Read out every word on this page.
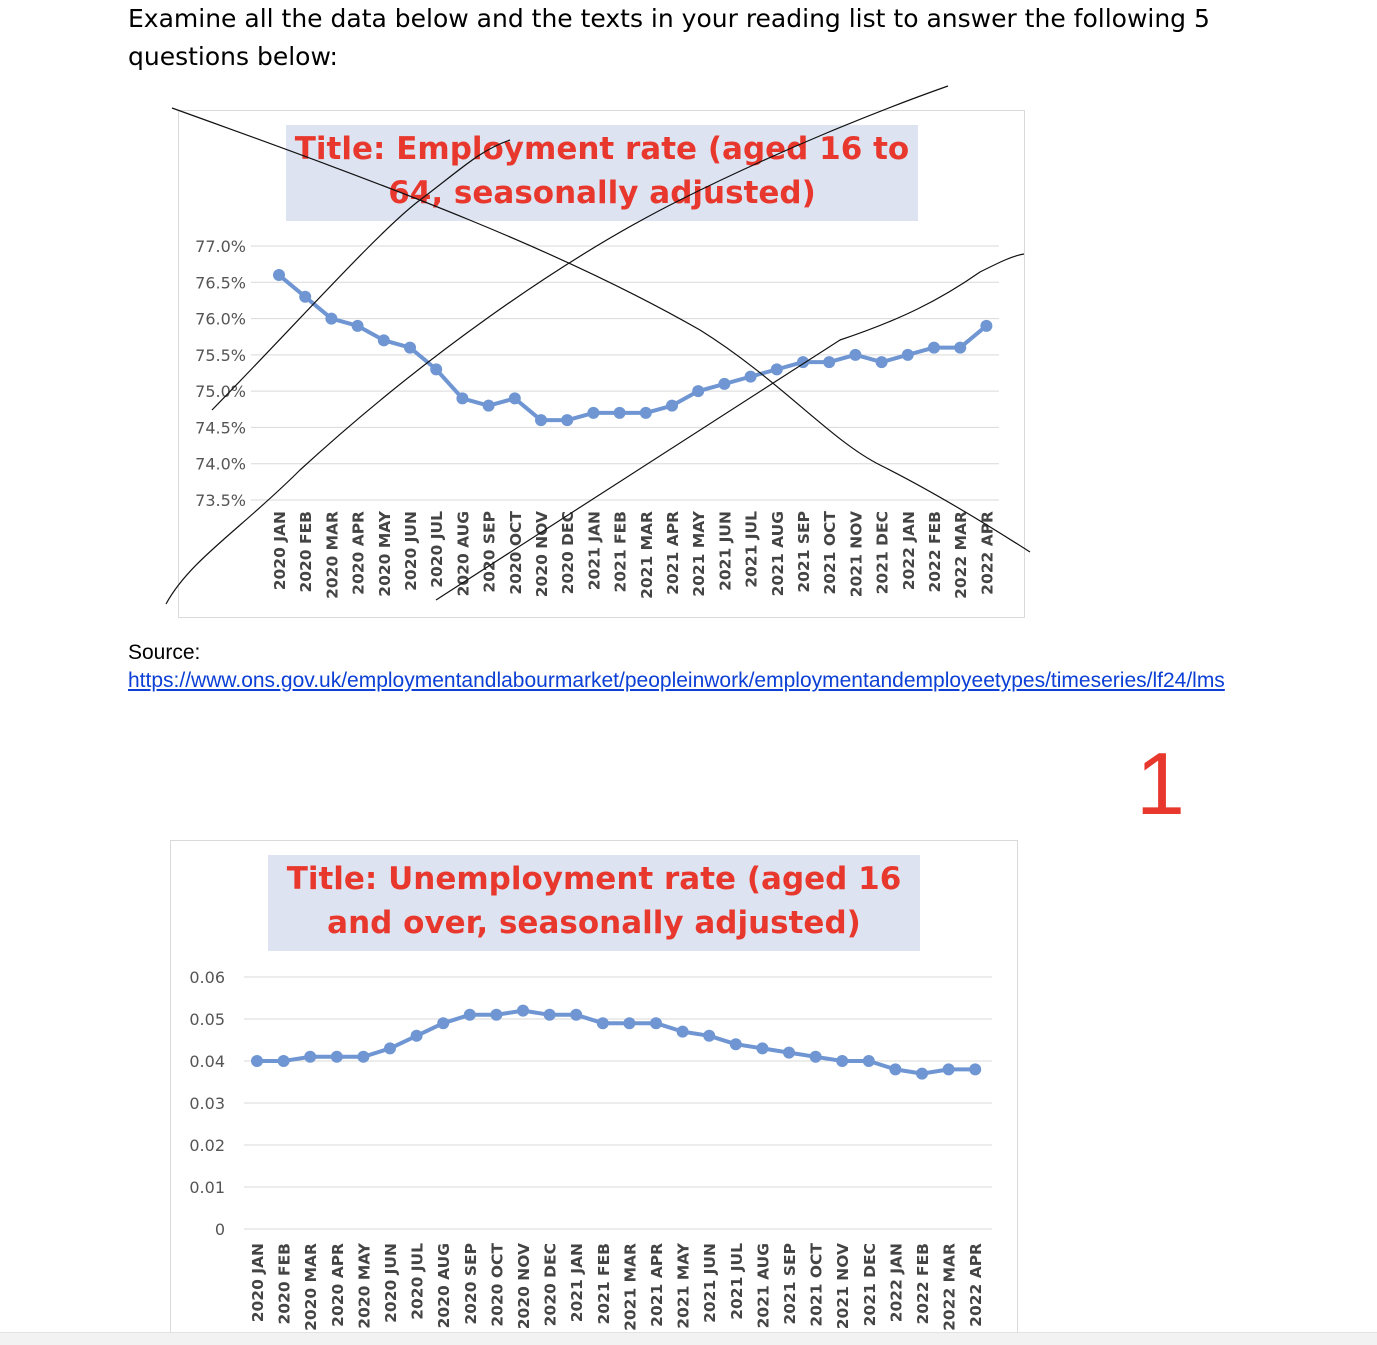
Examine all the data below and the texts in your reading list to answer the following 5 questions below:

77.0%
76.5%
76.0%
75.5%
75.0%
74.5%
74.0%
73.5%
2020 JAN 2020 FEB 2020 MAR 2020 APR 2020 MAY 2020 JUN 2020 JUL 2020 AUG 2020 SEP 2020 OCT 2020 NOV 2020 DEC 2021 JAN 2021 FEB 2021 MAR 2021 APR 2021 MAY 2021 JUN 2021 JUL 2021 AUG 2021 SEP 2021 OCT 2021 NOV 2021 DEC 2022 JAN 2022 FEB 2022 MAR 2022 APR
Title: Employment rate (aged 16 to 64, seasonally adjusted)

Source:

https://www.ons.gov.uk/employmentandlabourmarket/peopleinwork/employmentandemployeetypes/timeseries/lf24/lms
1
0.06
0.05
0.04
0.03
0.02
0.01
0
2020 JAN 2020 FEB 2020 MAR 2020 APR 2020 MAY 2020 JUN 2020 JUL 2020 AUG 2020 SEP 2020 OCT 2020 NOV 2020 DEC 2021 JAN 2021 FEB 2021 MAR 2021 APR 2021 MAY 2021 JUN 2021 JUL 2021 AUG 2021 SEP 2021 OCT 2021 NOV 2021 DEC 2022 JAN 2022 FEB 2022 MAR 2022 APR
Title: Unemployment rate (aged 16 and over, seasonally adjusted)
